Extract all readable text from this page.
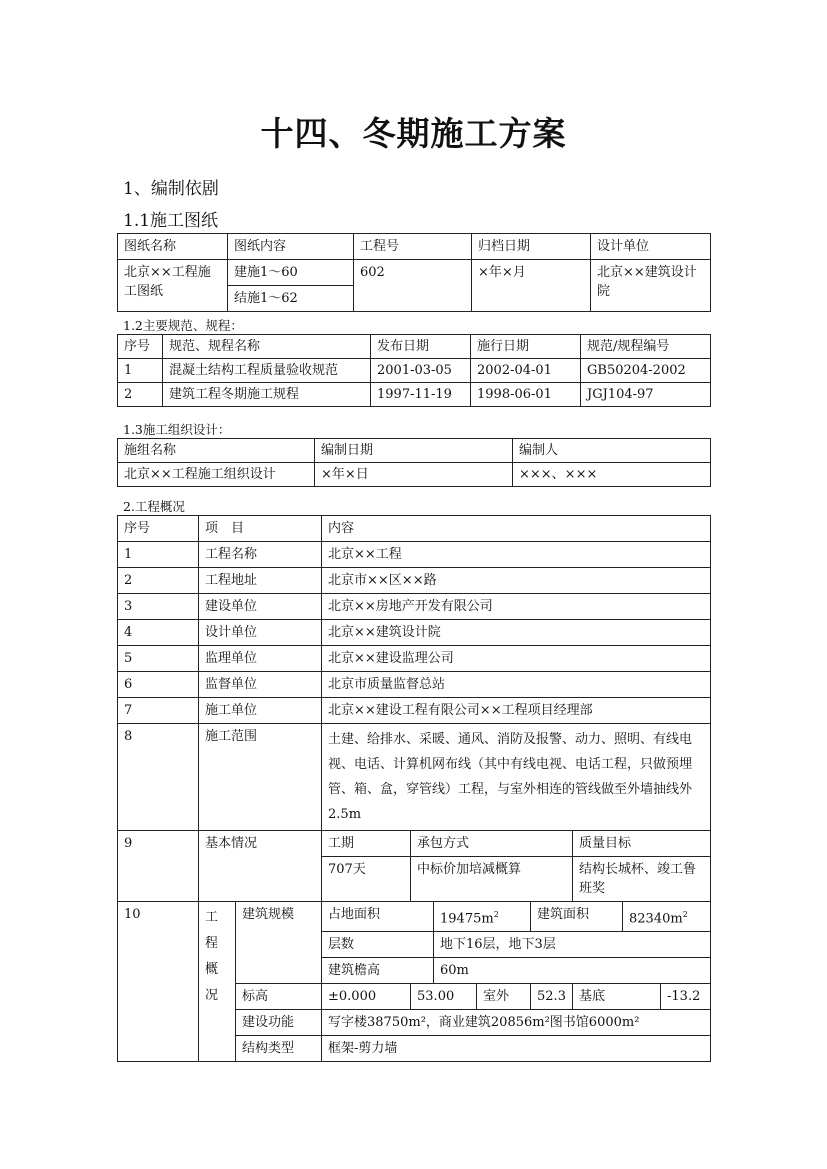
十四、冬期施工方案
1、编制依剧
1.1施工图纸
图纸名称	图纸内容	工程号	归档日期	设计单位
北京××工程施工图纸	建施1～60	602	×年×月	北京××建筑设计院
	结施1～62			
1.2主要规范、规程：
序号	规范、规程名称	发布日期	施行日期	规范/规程编号
1	混凝土结构工程质量验收规范	2001-03-05	2002-04-01	GB50204-2002
2	建筑工程冬期施工规程	1997-11-19	1998-06-01	JGJ104-97
1.3施工组织设计：
施组名称	编制日期	编制人
北京××工程施工组织设计	×年×日	×××、×××
2.工程概况
序号	项　目		内容							
1	工程名称		北京××工程							
2	工程地址		北京市××区××路							
3	建设单位		北京××房地产开发有限公司							
4	设计单位		北京××建筑设计院							
5	监理单位		北京××建设监理公司							
6	监督单位		北京市质量监督总站							
7	施工单位		北京××建设工程有限公司××工程项目经理部							
8	施工范围		土建、给排水、采暖、通风、消防及报警、动力、照明、有线电视、电话、计算机网布线（其中有线电视、电话工程，只做预埋管、箱、盒，穿管线）工程，与室外相连的管线做至外墙抽线外2.5m							
9	基本情况		工期	承包方式				质量目标		
			707天	中标价加培减概算				结构长城杯、竣工鲁班奖		
10	工程概况	建筑规模	占地面积		$19475m^2$		建筑面积		$82340m^2$
			层数		地下16层，地下3层					
			建筑檐高		60m					
		标高	±0.000	53.00		室外	52.3	基底		-13.2
		建设功能	写字楼38750m²，商业建筑20856m²图书馆6000m²							
		结构类型	框架-剪力墙							
